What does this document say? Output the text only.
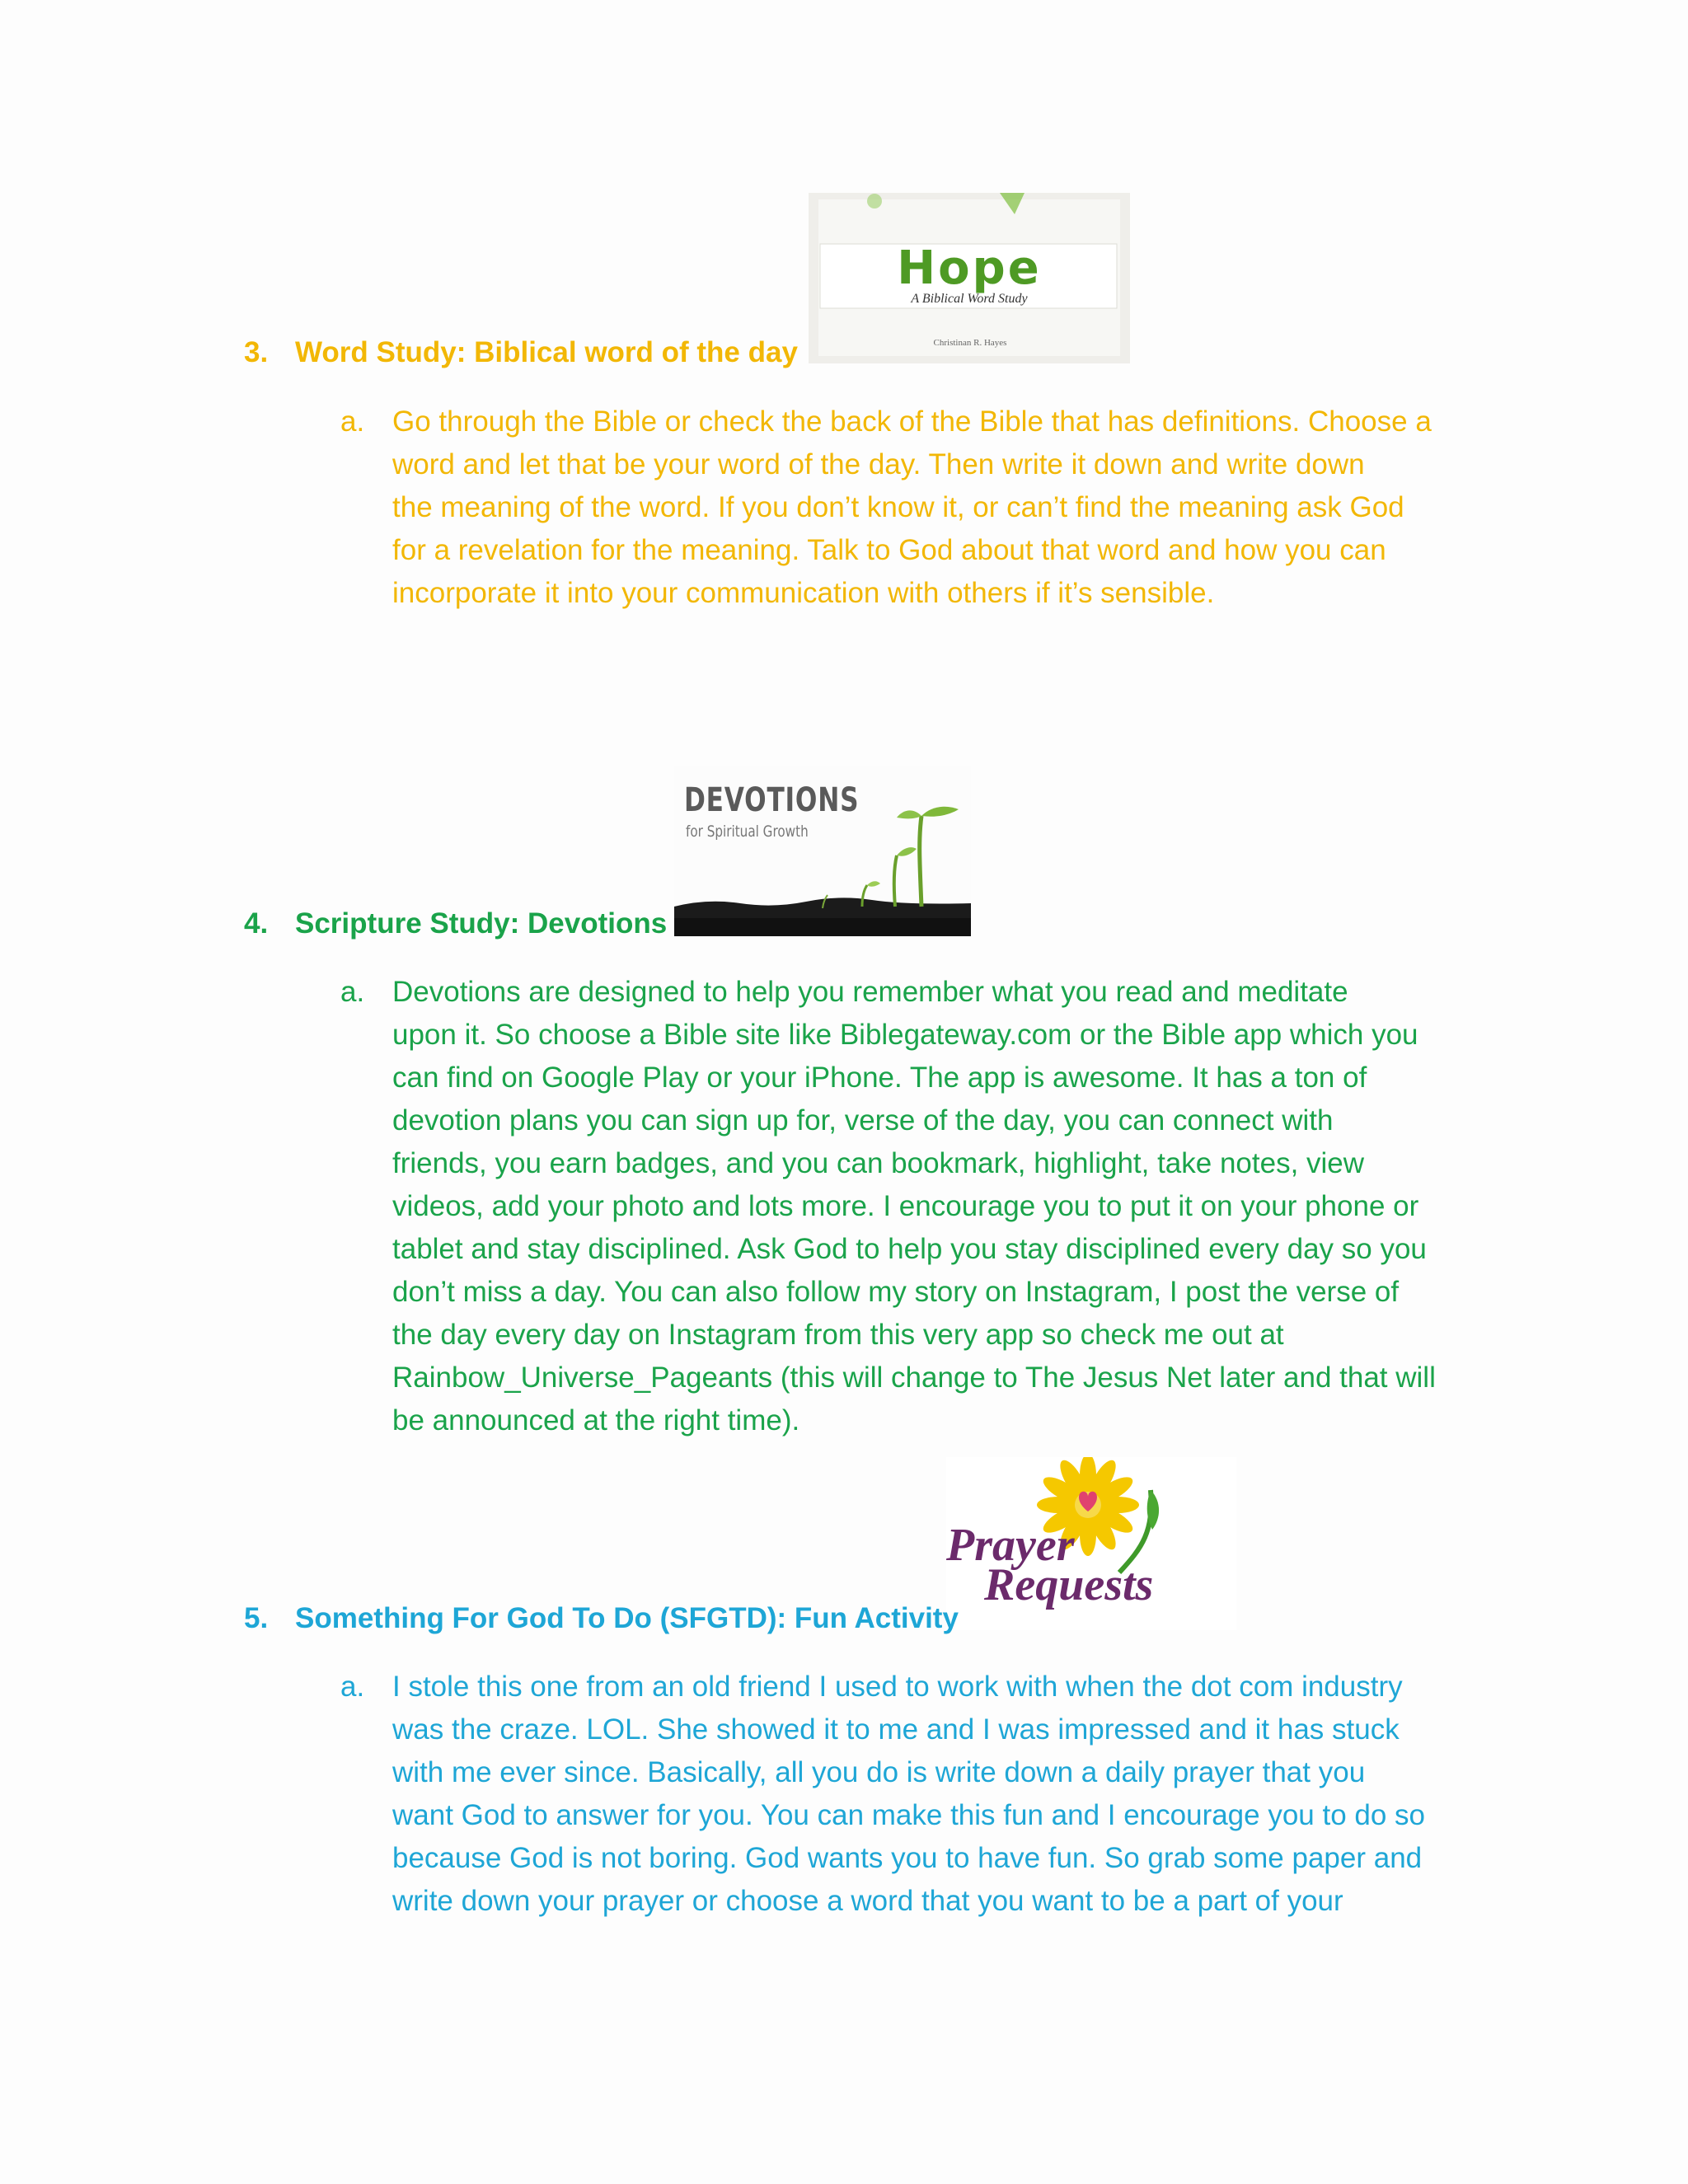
Christinan R. Hayes
Hope
A Biblical Word Study
3. Word Study: Biblical word of the day
a. Go through the Bible or check the back of the Bible that has definitions. Choose a
word and let that be your word of the day. Then write it down and write down
the meaning of the word. If you don’t know it, or can’t find the meaning ask God
for a revelation for the meaning. Talk to God about that word and how you can
incorporate it into your communication with others if it’s sensible.
DEVOTIONS
for Spiritual Growth
4. Scripture Study: Devotions
a. Devotions are designed to help you remember what you read and meditate
upon it. So choose a Bible site like Biblegateway.com or the Bible app which you
can find on Google Play or your iPhone. The app is awesome. It has a ton of
devotion plans you can sign up for, verse of the day, you can connect with
friends, you earn badges, and you can bookmark, highlight, take notes, view
videos, add your photo and lots more. I encourage you to put it on your phone or
tablet and stay disciplined. Ask God to help you stay disciplined every day so you
don’t miss a day. You can also follow my story on Instagram, I post the verse of
the day every day on Instagram from this very app so check me out at
Rainbow_Universe_Pageants (this will change to The Jesus Net later and that will
be announced at the right time).
Prayer
Requests
5. Something For God To Do (SFGTD): Fun Activity
a. I stole this one from an old friend I used to work with when the dot com industry
was the craze. LOL. She showed it to me and I was impressed and it has stuck
with me ever since. Basically, all you do is write down a daily prayer that you
want God to answer for you. You can make this fun and I encourage you to do so
because God is not boring. God wants you to have fun. So grab some paper and
write down your prayer or choose a word that you want to be a part of your
